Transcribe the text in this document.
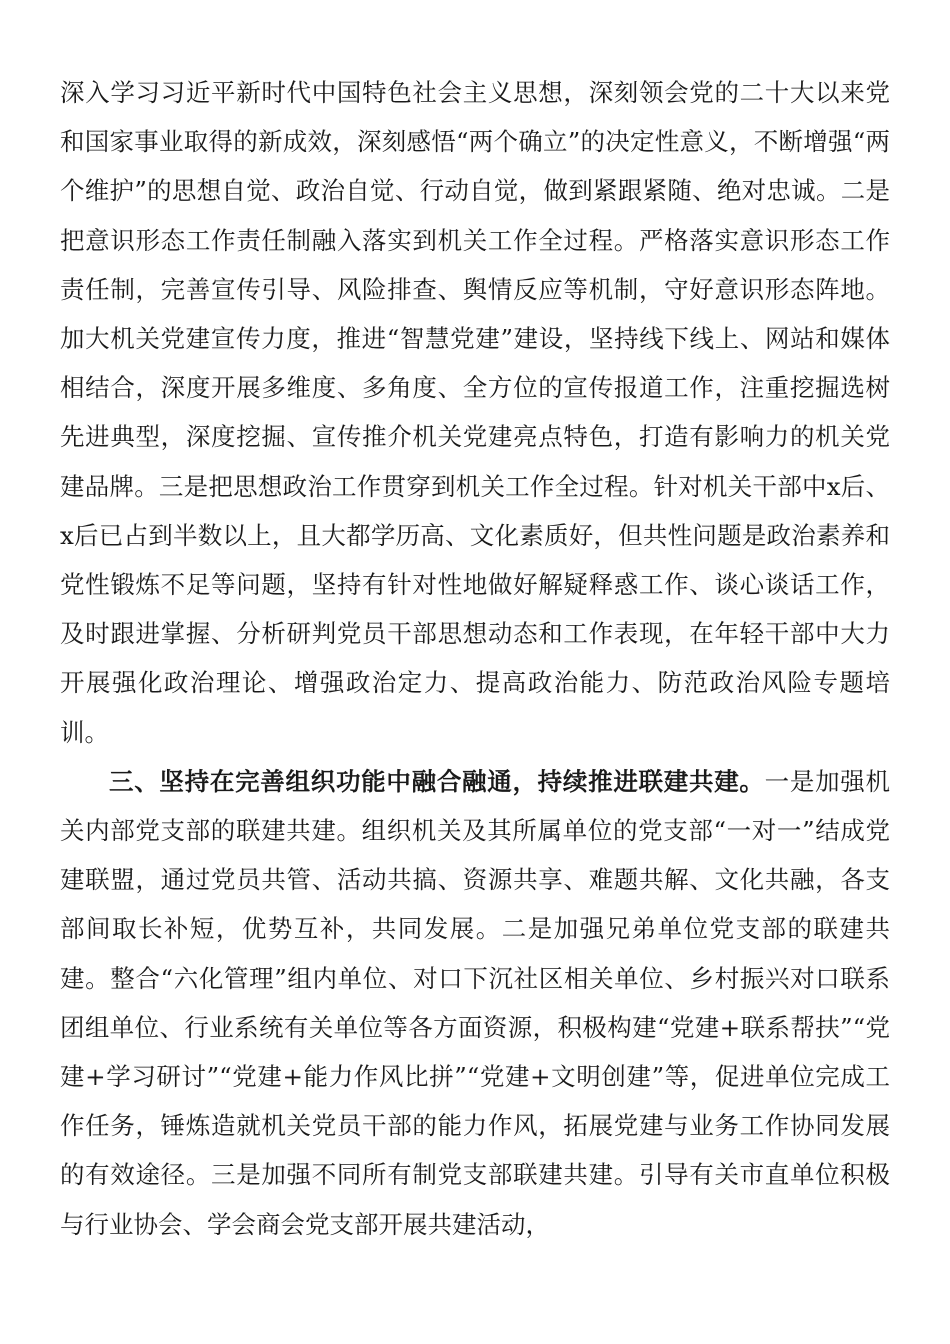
深入学习习近平新时代中国特色社会主义思想，深刻领会党的二十大以来党和国家事业取得的新成效，深刻感悟“两个确立”的决定性意义，不断增强“两个维护”的思想自觉、政治自觉、行动自觉，做到紧跟紧随、绝对忠诚。二是把意识形态工作责任制融入落实到机关工作全过程。严格落实意识形态工作责任制，完善宣传引导、风险排查、舆情反应等机制，守好意识形态阵地。加大机关党建宣传力度，推进“智慧党建”建设，坚持线下线上、网站和媒体相结合，深度开展多维度、多角度、全方位的宣传报道工作，注重挖掘选树先进典型，深度挖掘、宣传推介机关党建亮点特色，打造有影响力的机关党建品牌。三是把思想政治工作贯穿到机关工作全过程。针对机关干部中x后、x后已占到半数以上，且大都学历高、文化素质好，但共性问题是政治素养和党性锻炼不足等问题，坚持有针对性地做好解疑释惑工作、谈心谈话工作，及时跟进掌握、分析研判党员干部思想动态和工作表现，在年轻干部中大力开展强化政治理论、增强政治定力、提高政治能力、防范政治风险专题培训。

三、坚持在完善组织功能中融合融通，持续推进联建共建。一是加强机关内部党支部的联建共建。组织机关及其所属单位的党支部“一对一”结成党建联盟，通过党员共管、活动共搞、资源共享、难题共解、文化共融，各支部间取长补短，优势互补，共同发展。二是加强兄弟单位党支部的联建共建。整合“六化管理”组内单位、对口下沉社区相关单位、乡村振兴对口联系团组单位、行业系统有关单位等各方面资源，积极构建“党建+联系帮扶”“党建+学习研讨”“党建+能力作风比拼”“党建+文明创建”等，促进单位完成工作任务，锤炼造就机关党员干部的能力作风，拓展党建与业务工作协同发展的有效途径。三是加强不同所有制党支部联建共建。引导有关市直单位积极与行业协会、学会商会党支部开展共建活动，
